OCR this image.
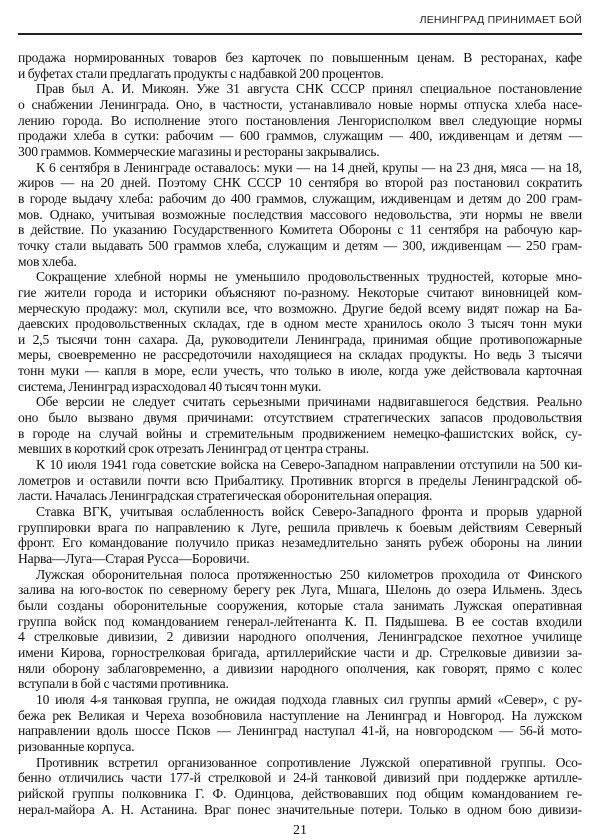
ЛЕНИНГРАД ПРИНИМАЕТ БОЙ
продажа нормированных товаров без карточек по повышенным ценам. В ресторанах, кафе
и буфетах стали предлагать продукты с надбавкой 200 процентов.
Прав был А. И. Микоян. Уже 31 августа СНК СССР принял специальное постановление
о снабжении Ленинграда. Оно, в частности, устанавливало новые нормы отпуска хлеба насе-
лению города. Во исполнение этого постановления Ленгорисполком ввел следующие нормы
продажи хлеба в сутки: рабочим — 600 граммов, служащим — 400, иждивенцам и детям —
300 граммов. Коммерческие магазины и рестораны закрывались.
К 6 сентября в Ленинграде оставалось: муки — на 14 дней, крупы — на 23 дня, мяса — на 18,
жиров — на 20 дней. Поэтому СНК СССР 10 сентября во второй раз постановил сократить
в городе выдачу хлеба: рабочим до 400 граммов, служащим, иждивенцам и детям до 200 грам-
мов. Однако, учитывая возможные последствия массового недовольства, эти нормы не ввели
в действие. По указанию Государственного Комитета Обороны с 11 сентября на рабочую кар-
точку стали выдавать 500 граммов хлеба, служащим и детям — 300, иждивенцам — 250 грам-
мов хлеба.
Сокращение хлебной нормы не уменьшило продовольственных трудностей, которые мно-
гие жители города и историки объясняют по-разному. Некоторые считают виновницей ком-
мерческую продажу: мол, скупили все, что возможно. Другие бедой всему видят пожар на Ба-
даевских продовольственных складах, где в одном месте хранилось около 3 тысяч тонн муки
и 2,5 тысячи тонн сахара. Да, руководители Ленинграда, принимая общие противопожарные
меры, своевременно не рассредоточили находящиеся на складах продукты. Но ведь 3 тысячи
тонн муки — капля в море, если учесть, что только в июле, когда уже действовала карточная
система, Ленинград израсходовал 40 тысяч тонн муки.
Обе версии не следует считать серьезными причинами надвигавшегося бедствия. Реально
оно было вызвано двумя причинами: отсутствием стратегических запасов продовольствия
в городе на случай войны и стремительным продвижением немецко-фашистских войск, су-
мевших в короткий срок отрезать Ленинград от центра страны.
К 10 июля 1941 года советские войска на Северо-Западном направлении отступили на 500 ки-
лометров и оставили почти всю Прибалтику. Противник вторгся в пределы Ленинградской об-
ласти. Началась Ленинградская стратегическая оборонительная операция.
Ставка ВГК, учитывая ослабленность войск Северо-Западного фронта и прорыв ударной
группировки врага по направлению к Луге, решила привлечь к боевым действиям Северный
фронт. Его командование получило приказ незамедлительно занять рубеж обороны на линии
Нарва—Луга—Старая Русса—Боровичи.
Лужская оборонительная полоса протяженностью 250 километров проходила от Финского
залива на юго-восток по северному берегу рек Луга, Мшага, Шелонь до озера Ильмень. Здесь
были созданы оборонительные сооружения, которые стала занимать Лужская оперативная
группа войск под командованием генерал-лейтенанта К. П. Пядышева. В ее состав входили
4 стрелковые дивизии, 2 дивизии народного ополчения, Ленинградское пехотное училище
имени Кирова, горнострелковая бригада, артиллерийские части и др. Стрелковые дивизии за-
няли оборону заблаговременно, а дивизии народного ополчения, как говорят, прямо с колес
вступали в бой с частями противника.
10 июля 4-я танковая группа, не ожидая подхода главных сил группы армий «Север», с ру-
бежа рек Великая и Череха возобновила наступление на Ленинград и Новгород. На лужском
направлении вдоль шоссе Псков — Ленинград наступал 41-й, на новгородском — 56-й мото-
ризованные корпуса.
Противник встретил организованное сопротивление Лужской оперативной группы. Осо-
бенно отличились части 177-й стрелковой и 24-й танковой дивизий при поддержке артилле-
рийской группы полковника Г. Ф. Одинцова, действовавших под общим командованием ге-
нерал-майора А. Н. Астанина. Враг понес значительные потери. Только в одном бою дивизи-
21
